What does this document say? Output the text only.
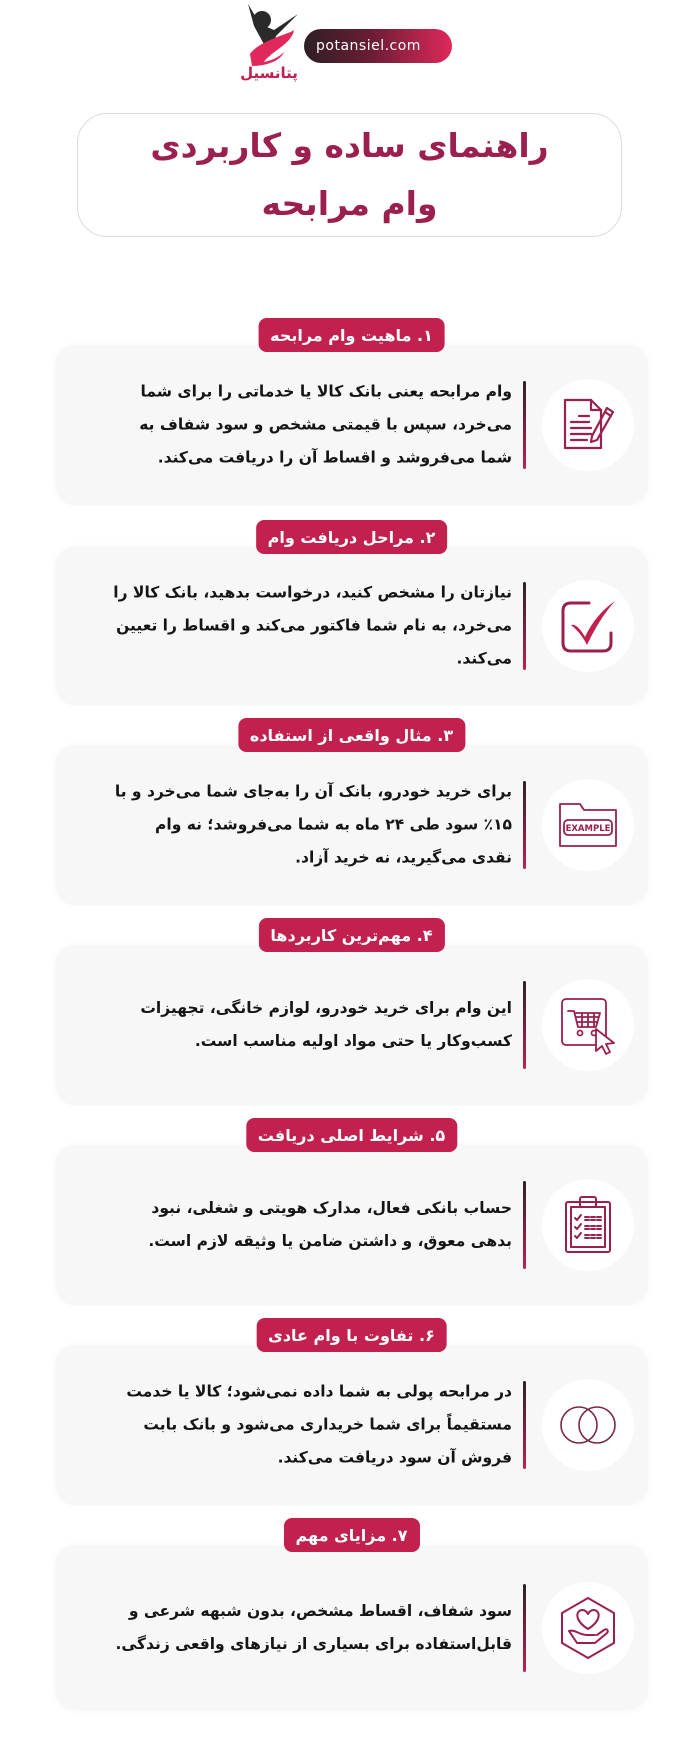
پتانسیل
potansiel.com
راهنمای ساده و کاربردی وام مرابحه
۱. ماهیت وام مرابحه
وام مرابحه یعنی بانک کالا یا خدماتی را برای شما می‌خرد، سپس با قیمتی مشخص و سود شفاف به شما می‌فروشد و اقساط آن را دریافت می‌کند.
۲. مراحل دریافت وام
نیازتان را مشخص کنید، درخواست بدهید، بانک کالا را می‌خرد، به نام شما فاکتور می‌کند و اقساط را تعیین می‌کند.
۳. مثال واقعی از استفاده
EXAMPLE
برای خرید خودرو، بانک آن را به‌جای شما می‌خرد و با ۱۵٪ سود طی ۲۴ ماه به شما می‌فروشد؛ نه وام نقدی می‌گیرید، نه خرید آزاد.
۴. مهم‌ترین کاربردها
این وام برای خرید خودرو، لوازم خانگی، تجهیزات کسب‌وکار یا حتی مواد اولیه مناسب است.
۵. شرایط اصلی دریافت
حساب بانکی فعال، مدارک هویتی و شغلی، نبود بدهی معوق، و داشتن ضامن یا وثیقه لازم است.
۶. تفاوت با وام عادی
در مرابحه پولی به شما داده نمی‌شود؛ کالا یا خدمت مستقیماً برای شما خریداری می‌شود و بانک بابت فروش آن سود دریافت می‌کند.
۷. مزایای مهم
سود شفاف، اقساط مشخص، بدون شبهه شرعی و قابل‌استفاده برای بسیاری از نیازهای واقعی زندگی.
